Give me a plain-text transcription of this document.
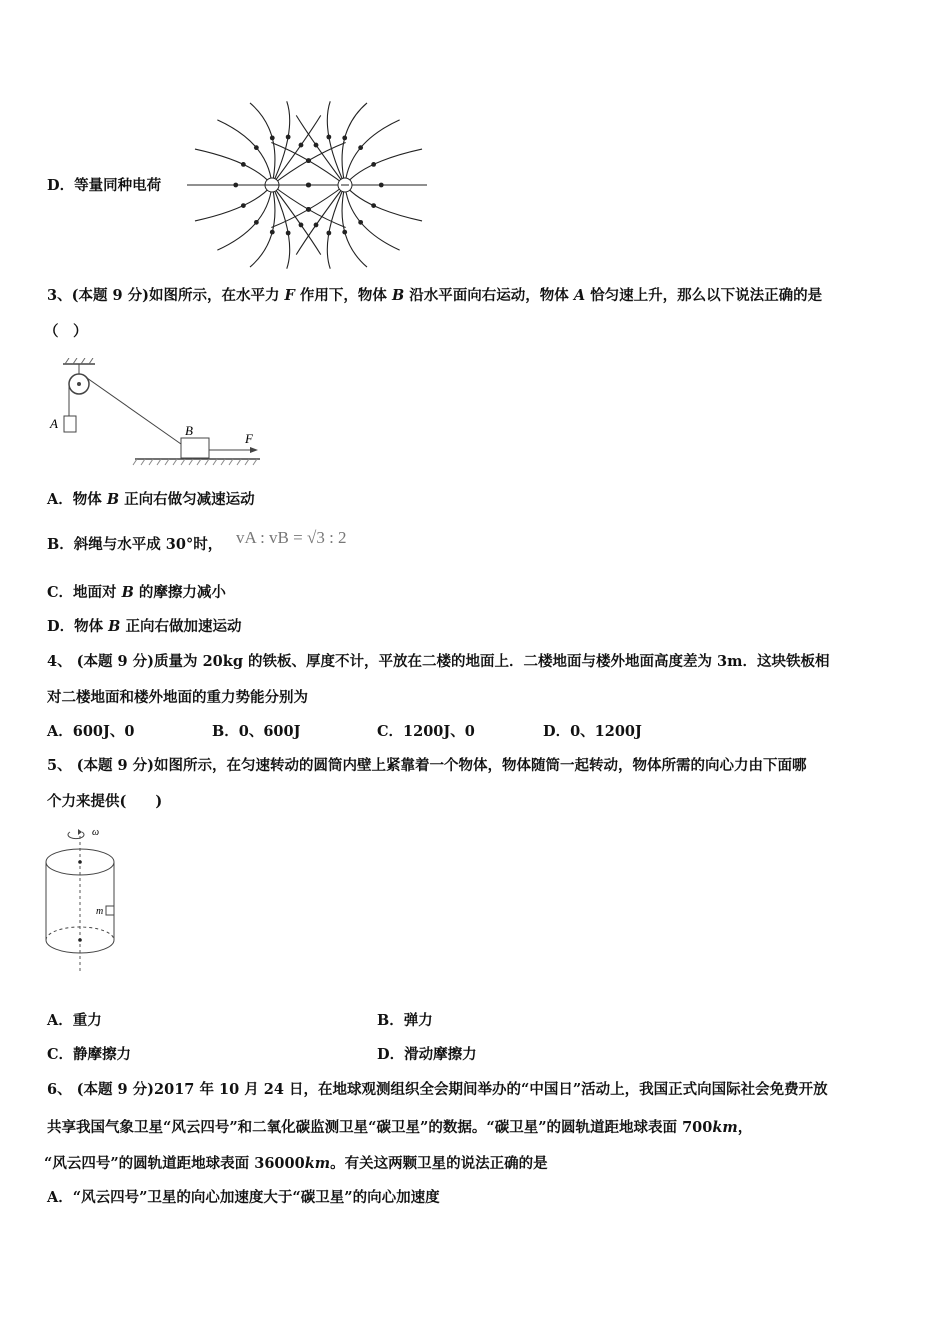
D．等量同种电荷
3、(本题 9 分)如图所示，在水平力 F 作用下，物体 B 沿水平面向右运动，物体 A 恰匀速上升，那么以下说法正确的是
（　）
A	B
F
A．物体 B 正向右做匀减速运动
B．斜绳与水平成 30°时， vA : vB = √3 : 2
C．地面对 B 的摩擦力减小
D．物体 B 正向右做加速运动
4、 (本题 9 分)质量为 20kg 的铁板、厚度不计，平放在二楼的地面上．二楼地面与楼外地面高度差为 3m．这块铁板相
对二楼地面和楼外地面的重力势能分别为
A．600J、0	B．0、600J	C．1200J、0	D．0、1200J
5、 (本题 9 分)如图所示，在匀速转动的圆筒内壁上紧靠着一个物体，物体随筒一起转动，物体所需的向心力由下面哪
个力来提供(　　)
ω
m
A．重力	B．弹力
C．静摩擦力	D．滑动摩擦力
6、 (本题 9 分)2017 年 10 月 24 日，在地球观测组织全会期间举办的“中国日”活动上，我国正式向国际社会免费开放
共享我国气象卫星“风云四号”和二氧化碳监测卫星“碳卫星”的数据。“碳卫星”的圆轨道距地球表面 700km，
“风云四号”的圆轨道距地球表面 36000km。有关这两颗卫星的说法正确的是
A．“风云四号”卫星的向心加速度大于“碳卫星”的向心加速度
